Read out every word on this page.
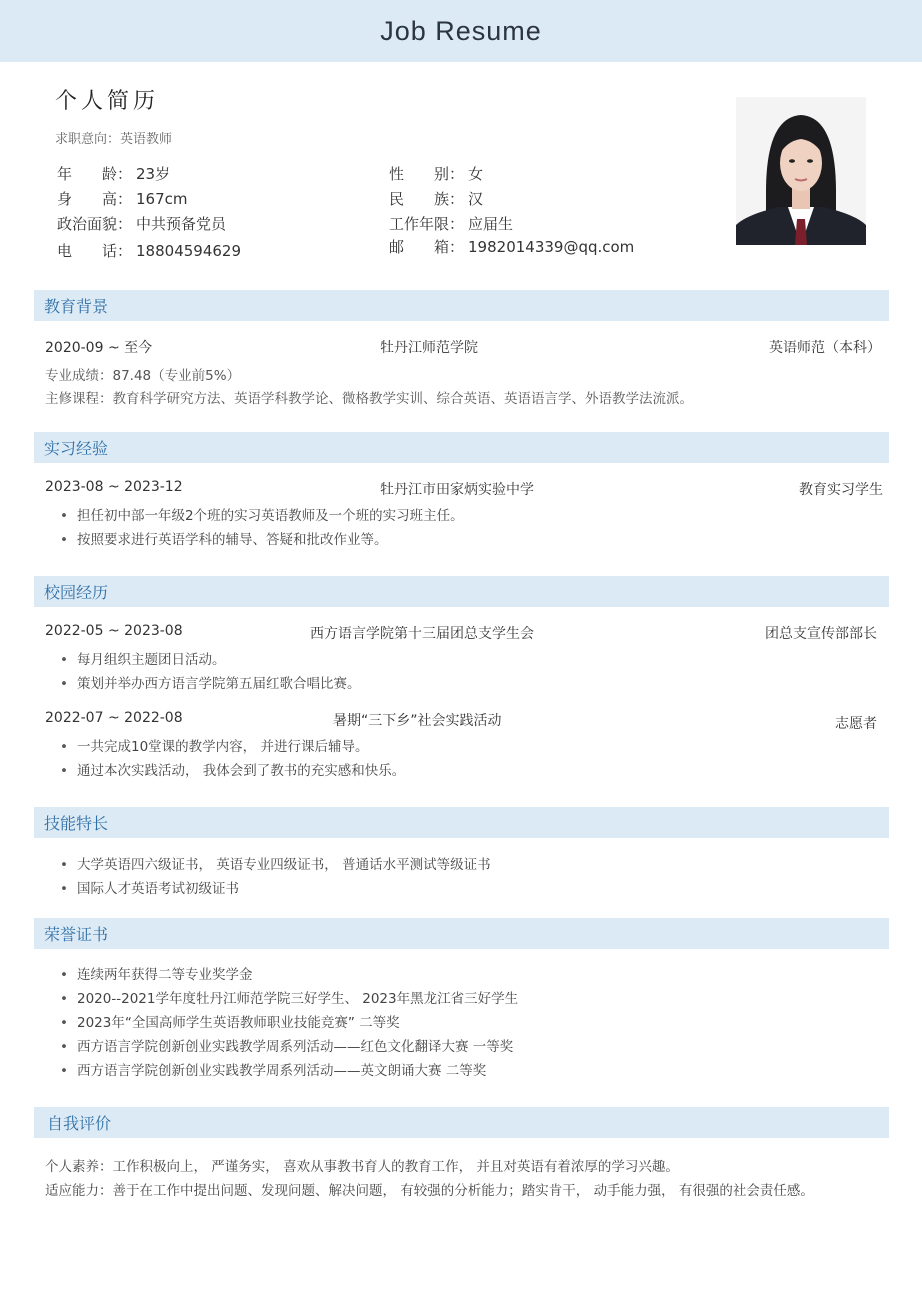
Job Resume
个人简历
求职意向：英语教师
年　　龄： 23岁
身　　高： 167cm
政治面貌： 中共预备党员
电　　话： 18804594629
性　　别： 女
民　　族： 汉
工作年限： 应届生
邮　　箱： 1982014339@qq.com
教育背景
2020-09 ~ 至今	牡丹江师范学院	英语师范（本科）
专业成绩：87.48（专业前5%）
主修课程：教育科学研究方法、英语学科教学论、微格教学实训、综合英语、英语语言学、外语教学法流派。
实习经验
2023-08 ~ 2023-12	牡丹江市田家炳实验中学	教育实习学生
• 担任初中部一年级2个班的实习英语教师及一个班的实习班主任。
• 按照要求进行英语学科的辅导、答疑和批改作业等。
校园经历
2022-05 ~ 2023-08	西方语言学院第十三届团总支学生会	团总支宣传部部长
• 每月组织主题团日活动。
• 策划并举办西方语言学院第五届红歌合唱比赛。
2022-07 ~ 2022-08	暑期“三下乡”社会实践活动	志愿者
• 一共完成10堂课的教学内容， 并进行课后辅导。
• 通过本次实践活动， 我体会到了教书的充实感和快乐。
技能特长
• 大学英语四六级证书， 英语专业四级证书， 普通话水平测试等级证书
• 国际人才英语考试初级证书
荣誉证书
• 连续两年获得二等专业奖学金
• 2020--2021学年度牡丹江师范学院三好学生、 2023年黑龙江省三好学生
• 2023年“全国高师学生英语教师职业技能竞赛” 二等奖
• 西方语言学院创新创业实践教学周系列活动——红色文化翻译大赛 一等奖
• 西方语言学院创新创业实践教学周系列活动——英文朗诵大赛 二等奖
自我评价
个人素养：工作积极向上， 严谨务实， 喜欢从事教书育人的教育工作， 并且对英语有着浓厚的学习兴趣。
适应能力：善于在工作中提出问题、发现问题、解决问题， 有较强的分析能力；踏实肯干， 动手能力强， 有很强的社会责任感。
